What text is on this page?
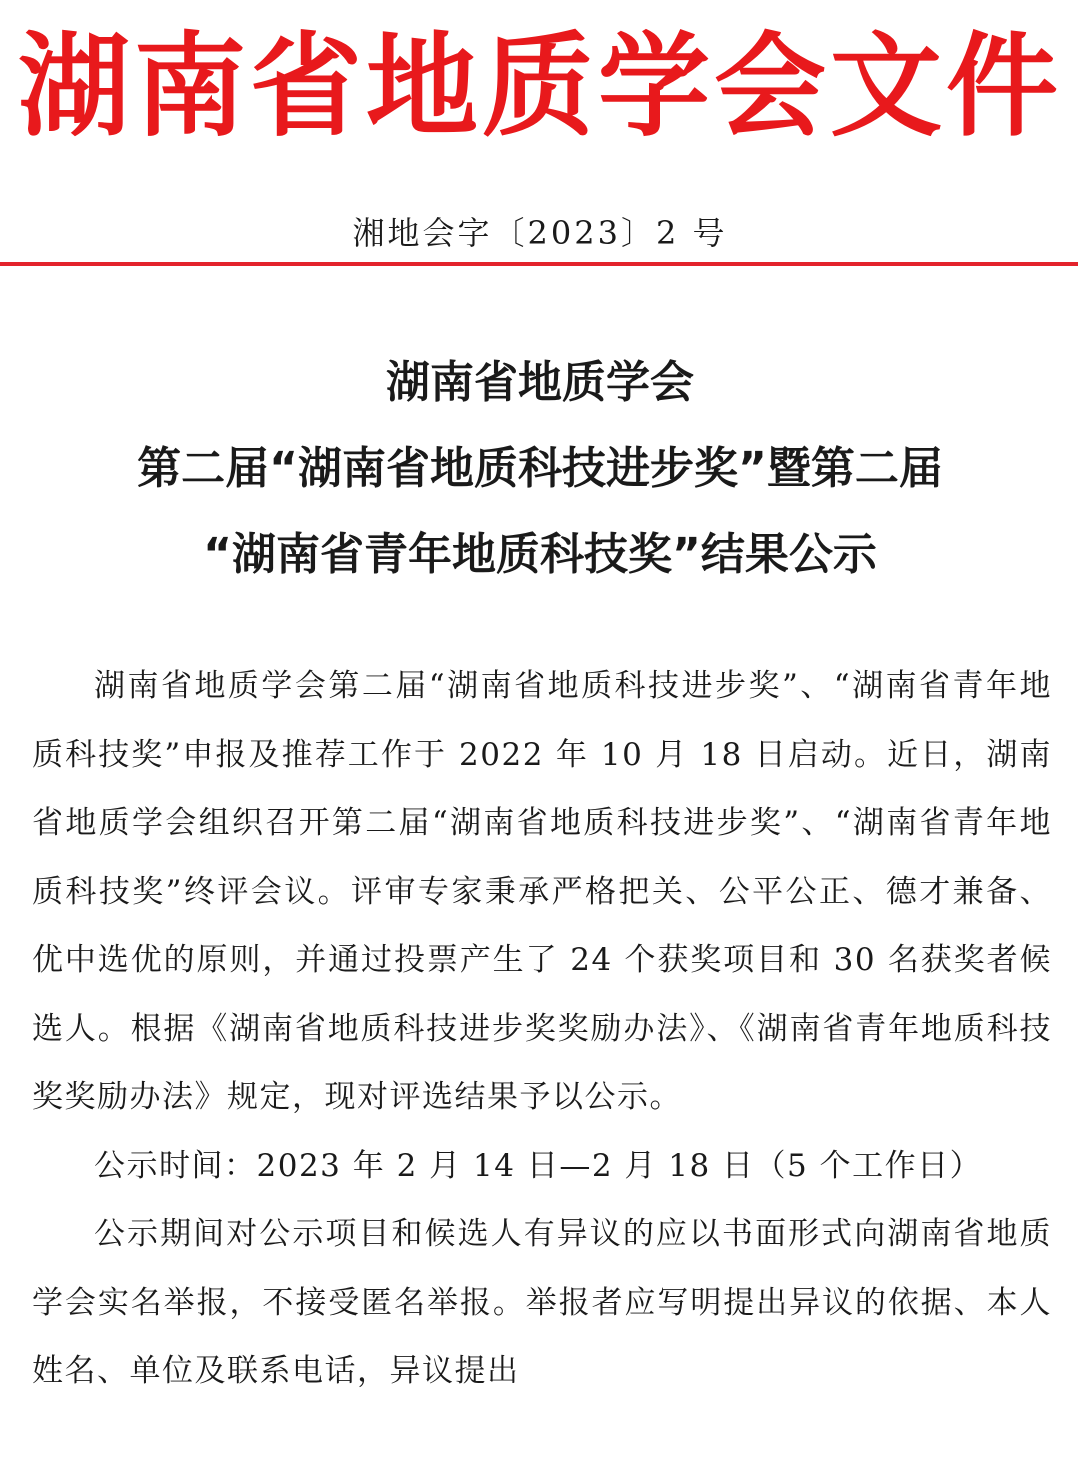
湖南省地质学会文件
湘地会字〔2023〕2 号
湖南省地质学会
第二届“湖南省地质科技进步奖”暨第二届
“湖南省青年地质科技奖”结果公示

湖南省地质学会第二届“湖南省地质科技进步奖”、“湖南省青年地质科技奖”申报及推荐工作于 2022 年 10 月 18 日启动。近日，湖南省地质学会组织召开第二届“湖南省地质科技进步奖”、“湖南省青年地质科技奖”终评会议。评审专家秉承严格把关、公平公正、德才兼备、优中选优的原则，并通过投票产生了 24 个获奖项目和 30 名获奖者候选人。根据《湖南省地质科技进步奖奖励办法》、《湖南省青年地质科技奖奖励办法》规定，现对评选结果予以公示。

公示时间：2023 年 2 月 14 日—2 月 18 日（5 个工作日）

公示期间对公示项目和候选人有异议的应以书面形式向湖南省地质学会实名举报，不接受匿名举报。举报者应写明提出异议的依据、本人姓名、单位及联系电话，异议提出
